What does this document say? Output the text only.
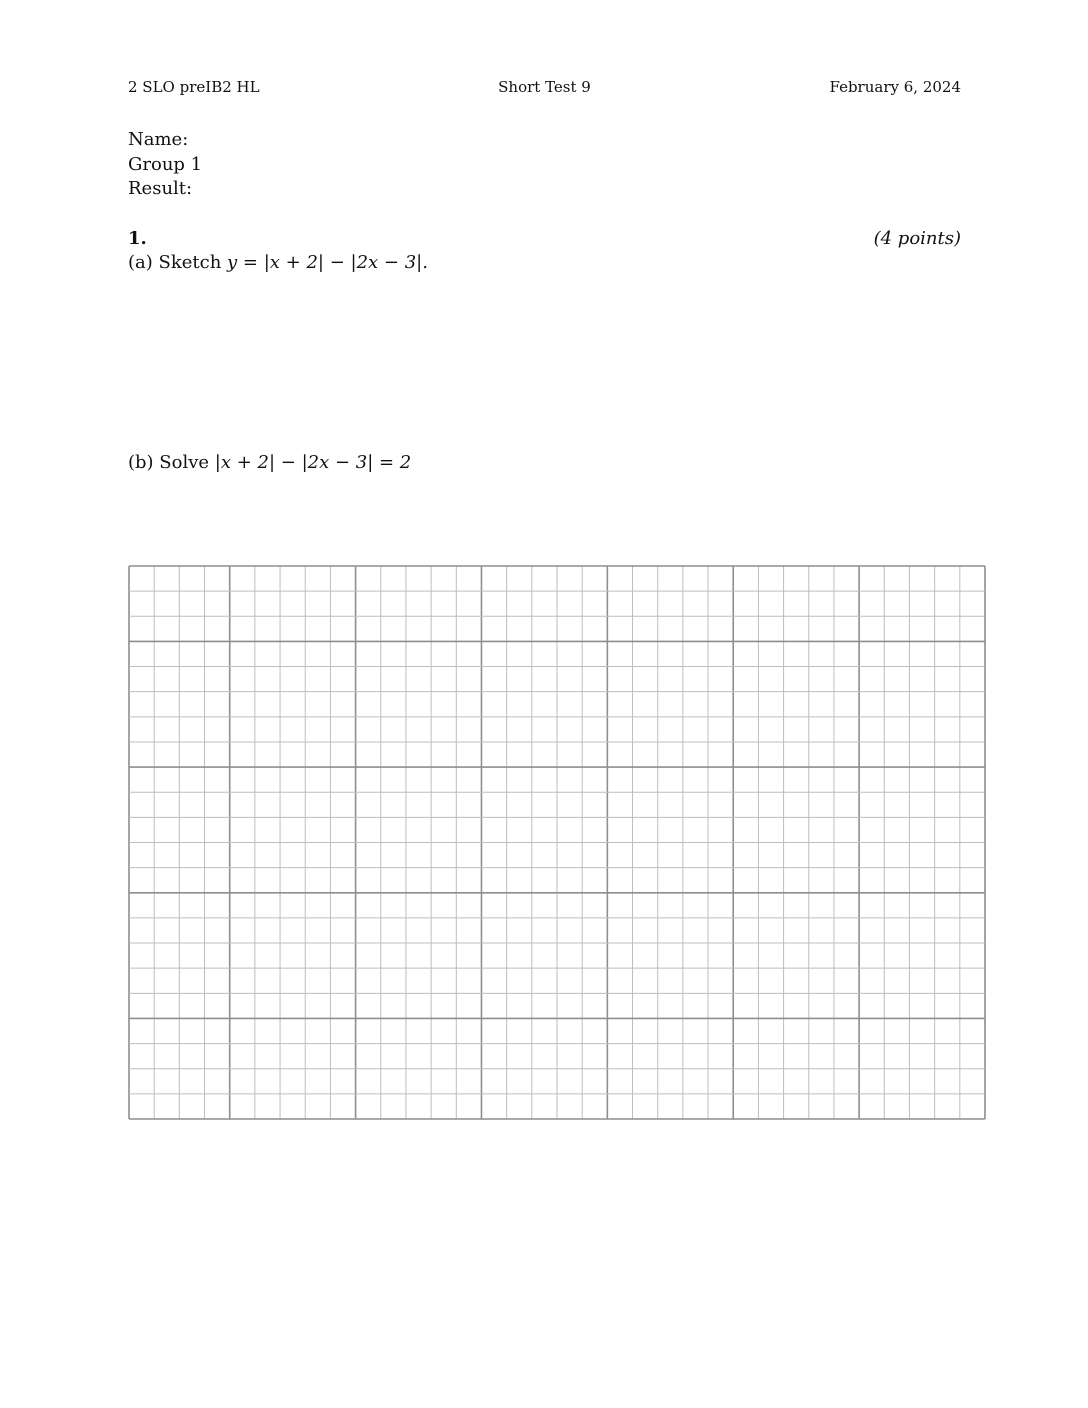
2 SLO preIB2 HL	Short Test 9	February 6, 2024
Name:
Group 1
Result:
1.	(4 points)
(a) Sketch y = |x + 2| − |2x − 3|.
(b) Solve |x + 2| − |2x − 3| = 2
